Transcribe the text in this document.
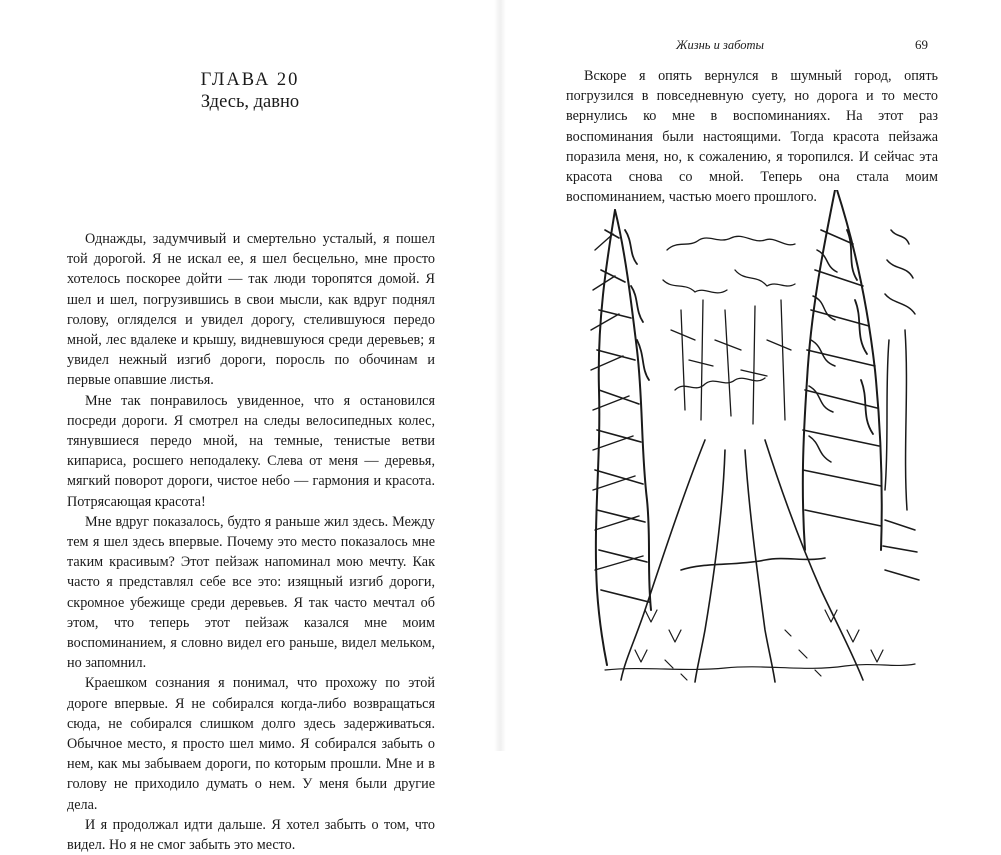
ГЛАВА 20
Здесь, давно

Однажды, задумчивый и смертельно усталый, я пошел той дорогой. Я не искал ее, я шел бесцельно, мне просто хотелось поскорее дойти — так люди торопятся домой. Я шел и шел, погрузившись в свои мысли, как вдруг поднял голову, огляделся и увидел дорогу, стелившуюся передо мной, лес вдалеке и крышу, видневшуюся среди деревьев; я увидел нежный изгиб дороги, поросль по обочинам и первые опавшие листья.

Мне так понравилось увиденное, что я остановился посреди дороги. Я смотрел на следы велосипедных колес, тянувшиеся передо мной, на темные, тенистые ветви кипариса, росшего неподалеку. Слева от меня — деревья, мягкий поворот дороги, чистое небо — гармония и красота. Потрясающая красота!

Мне вдруг показалось, будто я раньше жил здесь. Между тем я шел здесь впервые. Почему это место показалось мне таким красивым? Этот пейзаж напоминал мою мечту. Как часто я представлял себе все это: изящный изгиб дороги, скромное убежище среди деревьев. Я так часто мечтал об этом, что теперь этот пейзаж казался мне моим воспоминанием, я словно видел его раньше, видел мельком, но запомнил.

Краешком сознания я понимал, что прохожу по этой дороге впервые. Я не собирался когда-либо возвращаться сюда, не собирался слишком долго здесь задерживаться. Обычное место, я просто шел мимо. Я собирался забыть о нем, как мы забываем дороги, по которым прошли. Мне и в голову не приходило думать о нем. У меня были другие дела.

И я продолжал идти дальше. Я хотел забыть о том, что видел. Но я не смог забыть это место.

Жизнь и заботы	69

Вскоре я опять вернулся в шумный город, опять погрузился в повседневную суету, но дорога и то место вернулись ко мне в воспоминаниях. На этот раз воспоминания были настоящими. Тогда красота пейзажа поразила меня, но, к сожалению, я торопился. И сейчас эта красота снова со мной. Теперь она стала моим воспоминанием, частью моего прошлого.
